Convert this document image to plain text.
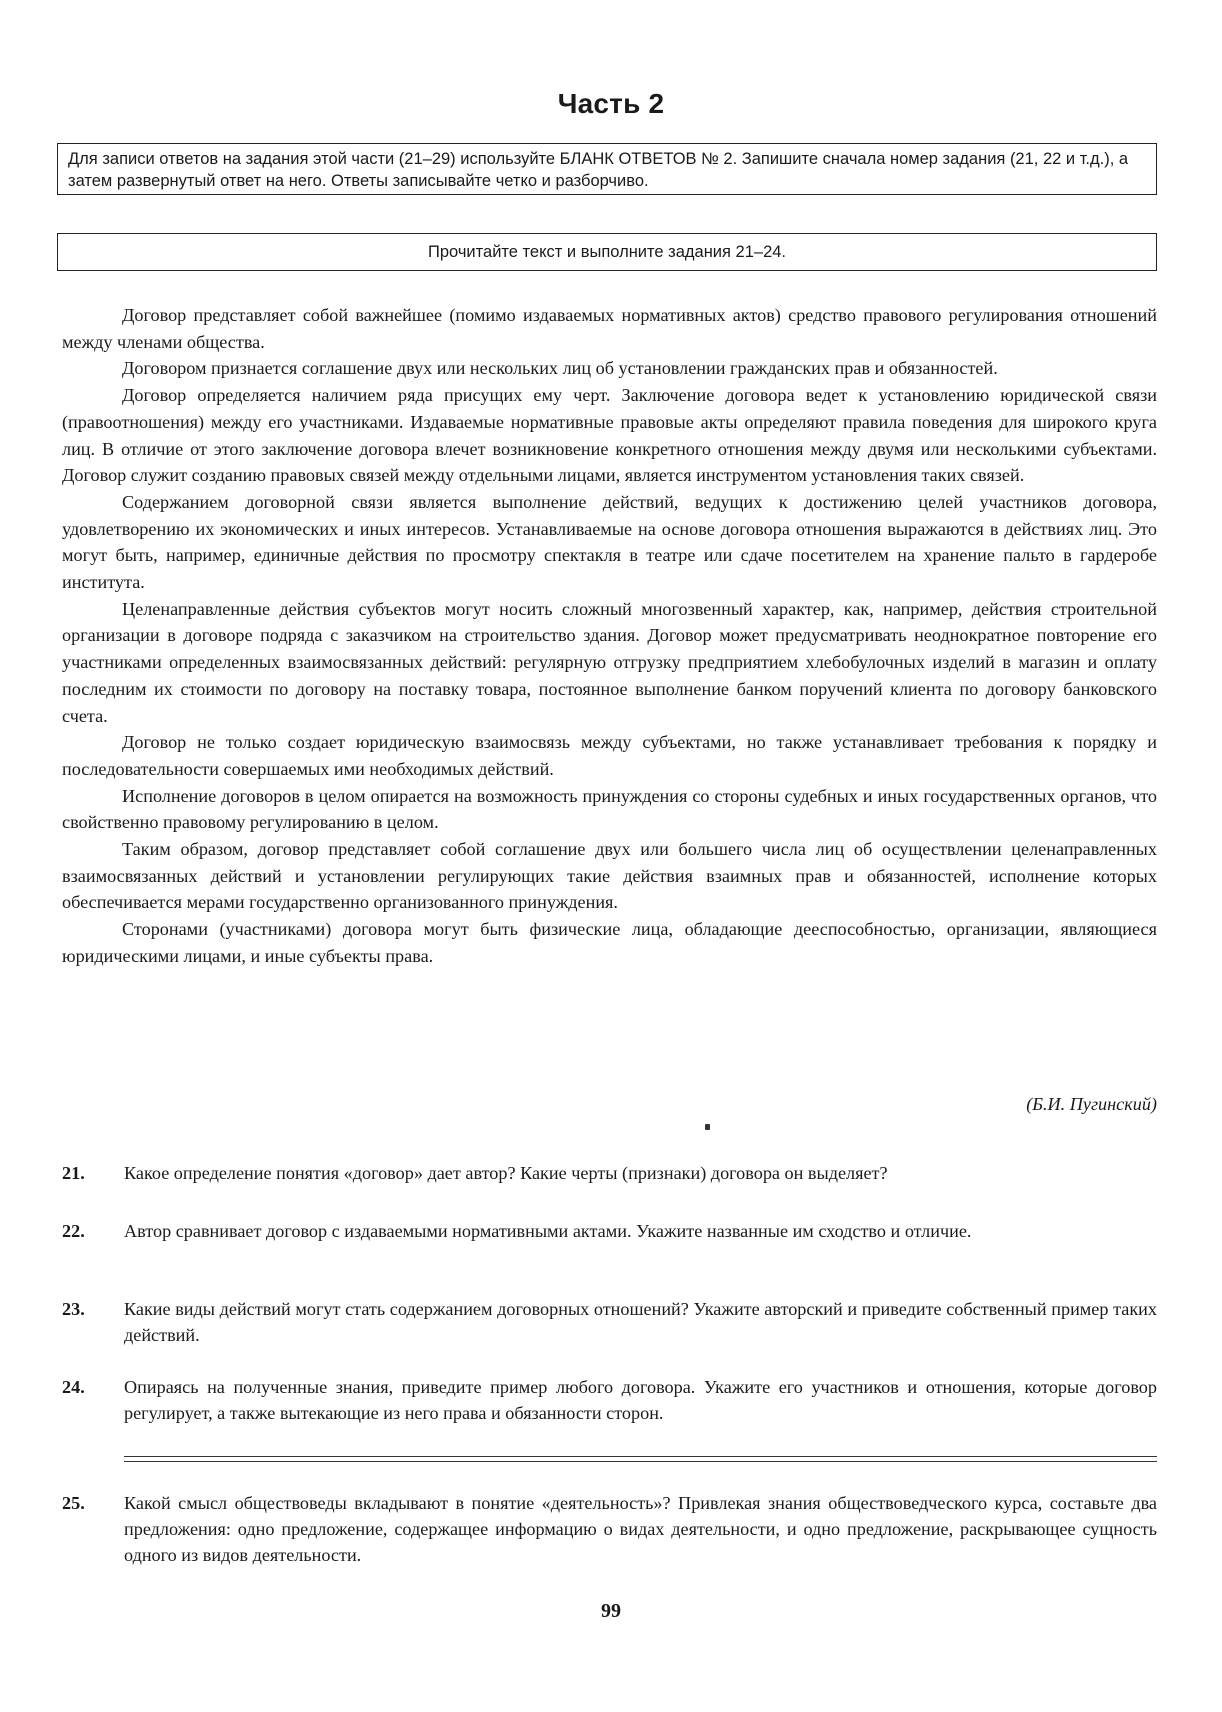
Часть 2
Для записи ответов на задания этой части (21–29) используйте БЛАНК ОТВЕТОВ № 2. Запишите сначала номер задания (21, 22 и т.д.), а затем развернутый ответ на него. Ответы записывайте четко и разборчиво.
Прочитайте текст и выполните задания 21–24.

Договор представляет собой важнейшее (помимо издаваемых нормативных актов) средство правового регулирования отношений между членами общества.

Договором признается соглашение двух или нескольких лиц об установлении гражданских прав и обязанностей.

Договор определяется наличием ряда присущих ему черт. Заключение договора ведет к установлению юридической связи (правоотношения) между его участниками. Издаваемые нормативные правовые акты определяют правила поведения для широкого круга лиц. В отличие от этого заключение договора влечет возникновение конкретного отношения между двумя или несколькими субъектами. Договор служит созданию правовых связей между отдельными лицами, является инструментом установления таких связей.

Содержанием договорной связи является выполнение действий, ведущих к достижению целей участников договора, удовлетворению их экономических и иных интересов. Устанавливаемые на основе договора отношения выражаются в действиях лиц. Это могут быть, например, единичные действия по просмотру спектакля в театре или сдаче посетителем на хранение пальто в гардеробе института.

Целенаправленные действия субъектов могут носить сложный многозвенный характер, как, например, действия строительной организации в договоре подряда с заказчиком на строительство здания. Договор может предусматривать неоднократное повторение его участниками определенных взаимосвязанных действий: регулярную отгрузку предприятием хлебобулочных изделий в магазин и оплату последним их стоимости по договору на поставку товара, постоянное выполнение банком поручений клиента по договору банковского счета.

Договор не только создает юридическую взаимосвязь между субъектами, но также устанавливает требования к порядку и последовательности совершаемых ими необходимых действий.

Исполнение договоров в целом опирается на возможность принуждения со стороны судебных и иных государственных органов, что свойственно правовому регулированию в целом.

Таким образом, договор представляет собой соглашение двух или большего числа лиц об осуществлении целенаправленных взаимосвязанных действий и установлении регулирующих такие действия взаимных прав и обязанностей, исполнение которых обеспечивается мерами государственно организованного принуждения.

Сторонами (участниками) договора могут быть физические лица, обладающие дееспособностью, организации, являющиеся юридическими лицами, и иные субъекты права.

(Б.И. Пугинский)
21. Какое определение понятия «договор» дает автор? Какие черты (признаки) договора он выделяет?
22. Автор сравнивает договор с издаваемыми нормативными актами. Укажите названные им сходство и отличие.
23. Какие виды действий могут стать содержанием договорных отношений? Укажите авторский и приведите собственный пример таких действий.
24. Опираясь на полученные знания, приведите пример любого договора. Укажите его участников и отношения, которые договор регулирует, а также вытекающие из него права и обязанности сторон.
25. Какой смысл обществоведы вкладывают в понятие «деятельность»? Привлекая знания обществоведческого курса, составьте два предложения: одно предложение, содержащее информацию о видах деятельности, и одно предложение, раскрывающее сущность одного из видов деятельности.
99
